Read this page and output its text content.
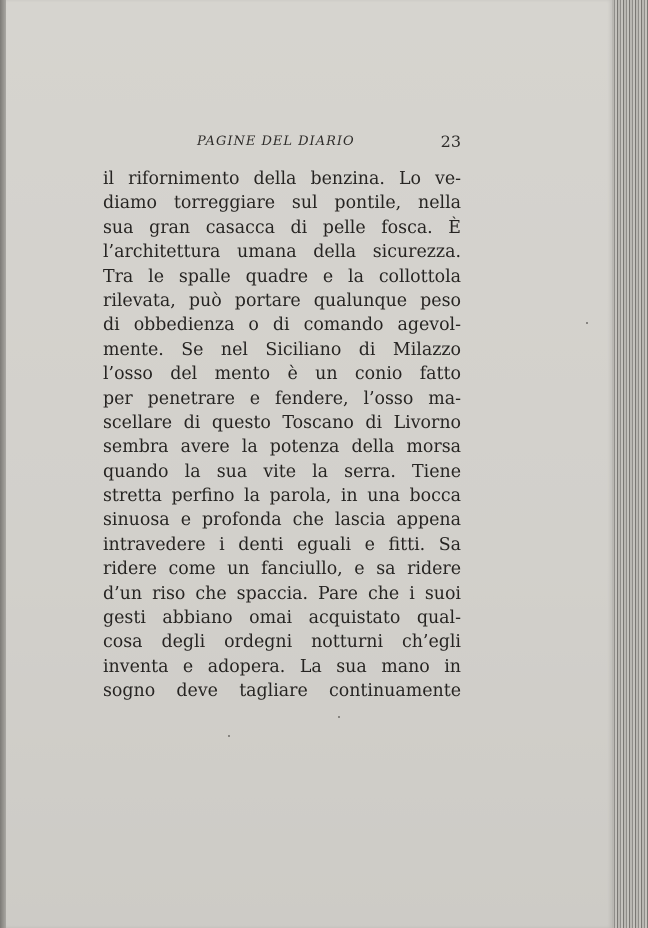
PAGINE DEL DIARIO	23
il rifornimento della benzina. Lo ve-
diamo torreggiare sul pontile, nella
sua gran casacca di pelle fosca. È
l’architettura umana della sicurezza.
Tra le spalle quadre e la collottola
rilevata, può portare qualunque peso
di obbedienza o di comando agevol-
mente. Se nel Siciliano di Milazzo
l’osso del mento è un conio fatto
per penetrare e fendere, l’osso ma-
scellare di questo Toscano di Livorno
sembra avere la potenza della morsa
quando la sua vite la serra. Tiene
stretta perfino la parola, in una bocca
sinuosa e profonda che lascia appena
intravedere i denti eguali e fitti. Sa
ridere come un fanciullo, e sa ridere
d’un riso che spaccia. Pare che i suoi
gesti abbiano omai acquistato qual-
cosa degli ordegni notturni ch’egli
inventa e adopera. La sua mano in
sogno deve tagliare continuamente
